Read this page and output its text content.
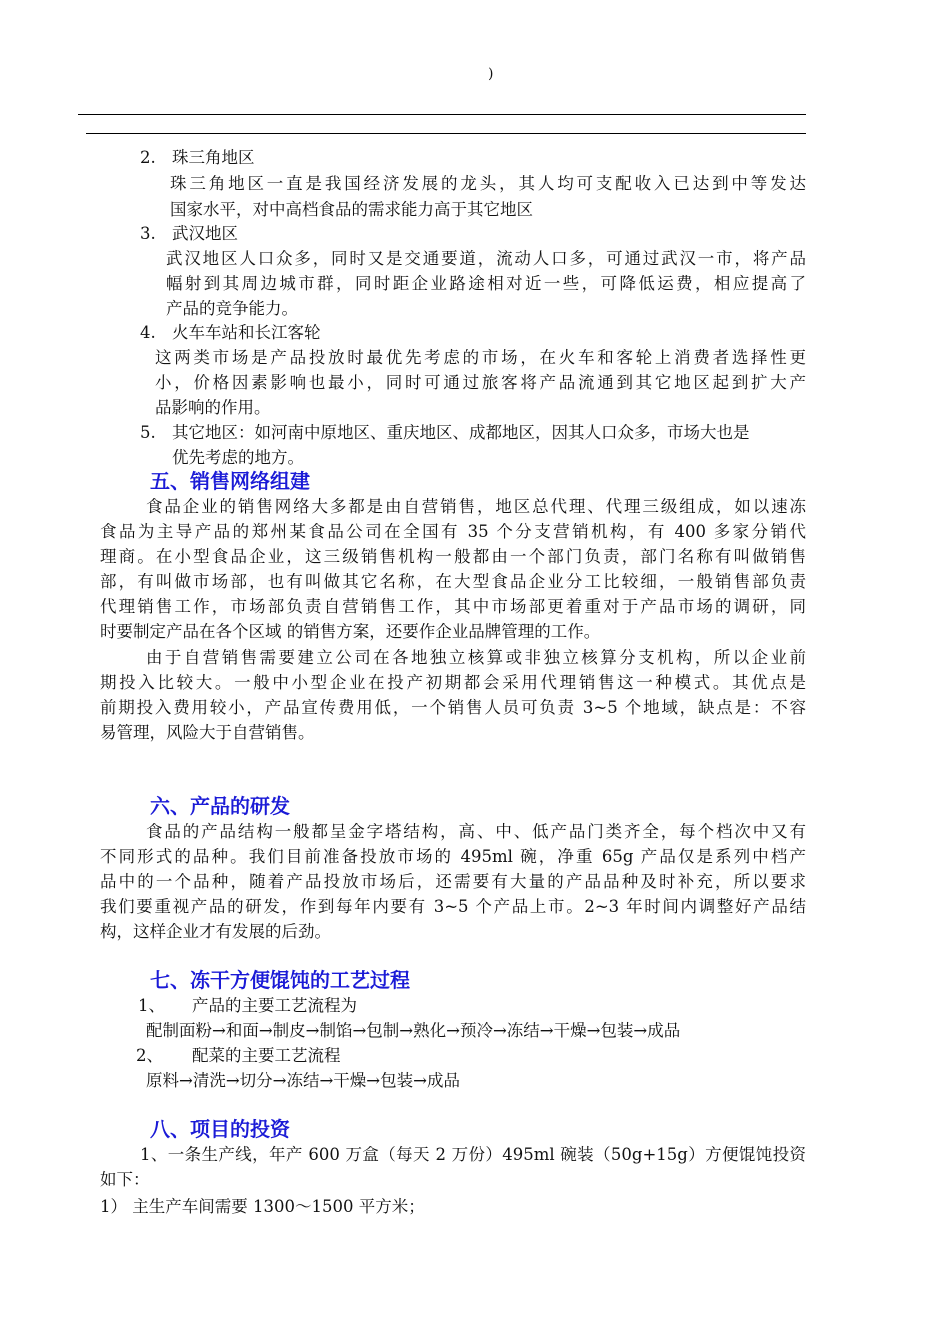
)
2. 珠三角地区
珠三角地区一直是我国经济发展的龙头，其人均可支配收入已达到中等发达
国家水平，对中高档食品的需求能力高于其它地区
3. 武汉地区
武汉地区人口众多，同时又是交通要道，流动人口多，可通过武汉一市，将产品
幅射到其周边城市群，同时距企业路途相对近一些，可降低运费，相应提高了
产品的竞争能力。
4. 火车车站和长江客轮
这两类市场是产品投放时最优先考虑的市场，在火车和客轮上消费者选择性更
小，价格因素影响也最小，同时可通过旅客将产品流通到其它地区起到扩大产
品影响的作用。
5. 其它地区：如河南中原地区、重庆地区、成都地区，因其人口众多，市场大也是
优先考虑的地方。
五、销售网络组建
食品企业的销售网络大多都是由自营销售，地区总代理、代理三级组成，如以速冻
食品为主导产品的郑州某食品公司在全国有 35 个分支营销机构，有 400 多家分销代
理商。在小型食品企业，这三级销售机构一般都由一个部门负责，部门名称有叫做销售
部，有叫做市场部，也有叫做其它名称，在大型食品企业分工比较细，一般销售部负责
代理销售工作，市场部负责自营销售工作，其中市场部更着重对于产品市场的调研，同
时要制定产品在各个区域 的销售方案，还要作企业品牌管理的工作。
由于自营销售需要建立公司在各地独立核算或非独立核算分支机构，所以企业前
期投入比较大。一般中小型企业在投产初期都会采用代理销售这一种模式。其优点是
前期投入费用较小，产品宣传费用低，一个销售人员可负责 3~5 个地域，缺点是：不容
易管理，风险大于自营销售。
六、产品的研发
食品的产品结构一般都呈金字塔结构，高、中、低产品门类齐全，每个档次中又有
不同形式的品种。我们目前准备投放市场的 495ml 碗，净重 65g 产品仅是系列中档产
品中的一个品种，随着产品投放市场后，还需要有大量的产品品种及时补充，所以要求
我们要重视产品的研发，作到每年内要有 3~5 个产品上市。2~3 年时间内调整好产品结
构，这样企业才有发展的后劲。
七、冻干方便馄饨的工艺过程
1、 产品的主要工艺流程为
配制面粉→和面→制皮→制馅→包制→熟化→预冷→冻结→干燥→包装→成品
2、 配菜的主要工艺流程
原料→清洗→切分→冻结→干燥→包装→成品
八、项目的投资
1、一条生产线，年产 600 万盒（每天 2 万份）495ml 碗装（50g+15g）方便馄饨投资
如下：
1） 主生产车间需要 1300～1500 平方米；
